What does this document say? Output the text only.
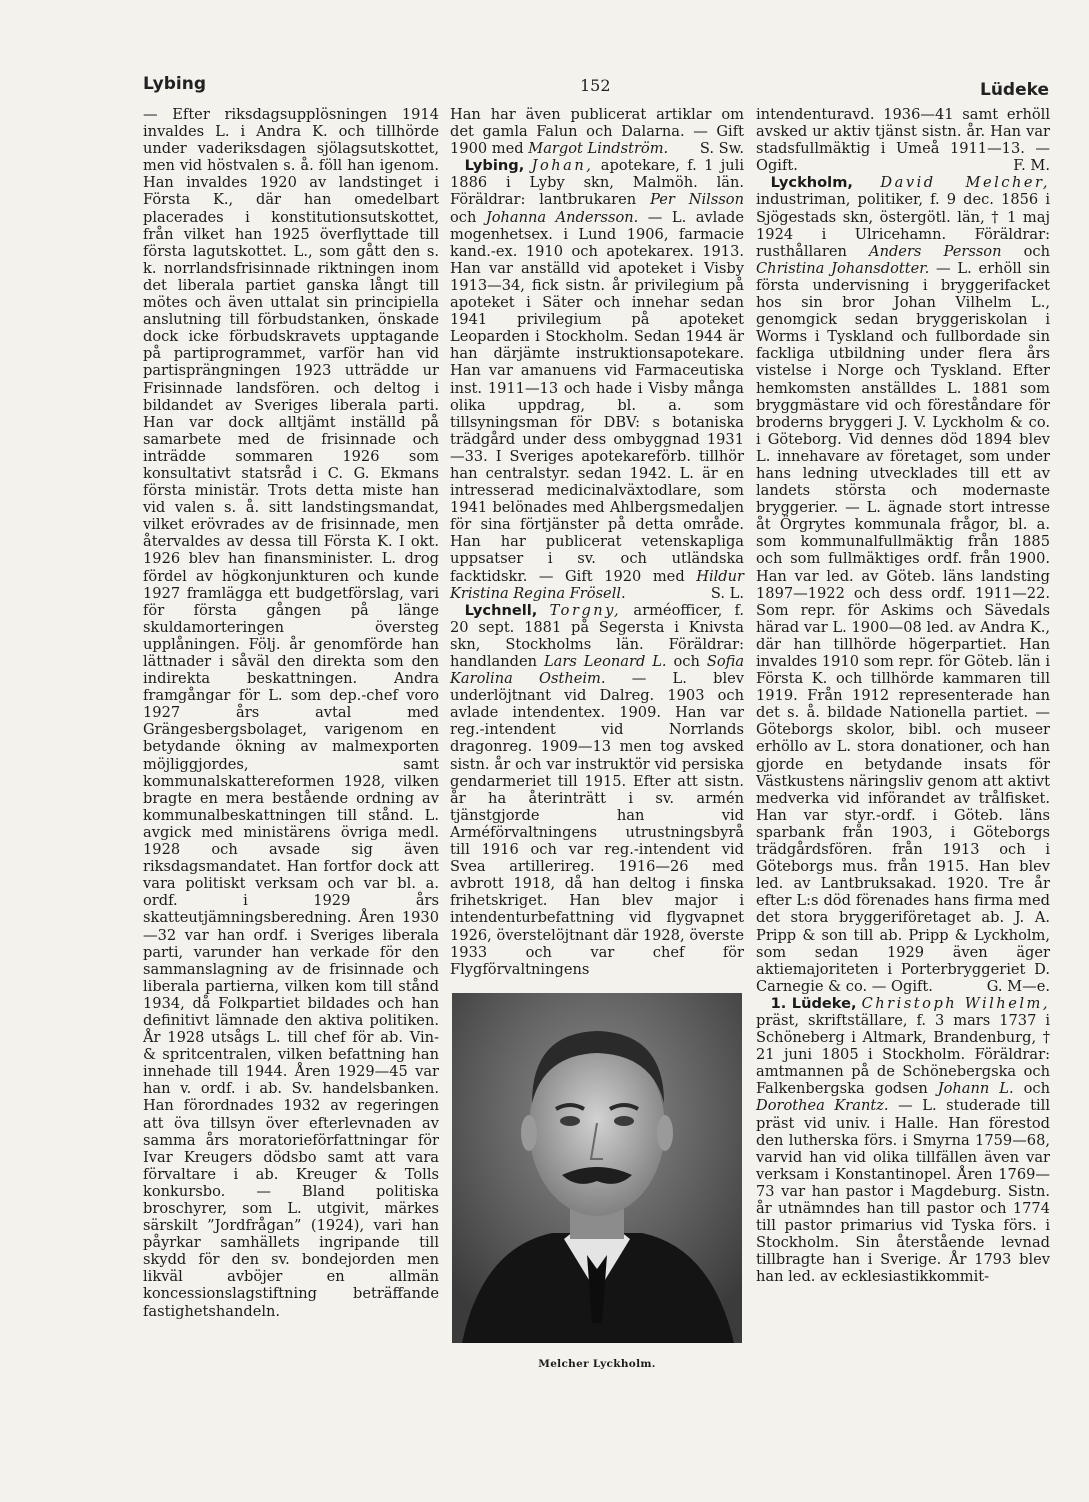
Lybing	152	Lüdeke

— Efter riksdagsupplösningen 1914 invaldes L. i Andra K. och tillhörde under vaderiksdagen sjölagsutskottet, men vid höstvalen s. å. föll han igenom. Han invaldes 1920 av landstinget i Första K., där han omedelbart placerades i konstitutionsutskottet, från vilket han 1925 överflyttade till första lagutskottet. L., som gått den s. k. norrlandsfrisinnade riktningen inom det liberala partiet ganska långt till mötes och även uttalat sin principiella anslutning till förbudstanken, önskade dock icke förbudskravets upptagande på partiprogrammet, varför han vid partisprängningen 1923 utträdde ur Frisinnade landsfören. och deltog i bildandet av Sveriges liberala parti. Han var dock alltjämt inställd på samarbete med de frisinnade och inträdde sommaren 1926 som konsultativt statsråd i C. G. Ekmans första ministär. Trots detta miste han vid valen s. å. sitt landstingsmandat, vilket erövrades av de frisinnade, men återvaldes av dessa till Första K. I okt. 1926 blev han finansminister. L. drog fördel av högkonjunkturen och kunde 1927 framlägga ett budgetförslag, vari för första gången på länge skuldamorteringen översteg upplåningen. Följ. år genomförde han lättnader i såväl den direkta som den indirekta beskattningen. Andra framgångar för L. som dep.-chef voro 1927 års avtal med Grängesbergsbolaget, varigenom en betydande ökning av malmexporten möjliggjordes, samt kommunalskattereformen 1928, vilken bragte en mera bestående ordning av kommunalbeskattningen till stånd. L. avgick med ministärens övriga medl. 1928 och avsade sig även riksdagsmandatet. Han fortfor dock att vara politiskt verksam och var bl. a. ordf. i 1929 års skatteutjämningsberedning. Åren 1930—32 var han ordf. i Sveriges liberala parti, varunder han verkade för den sammanslagning av de frisinnade och liberala partierna, vilken kom till stånd 1934, då Folkpartiet bildades och han definitivt lämnade den aktiva politiken. År 1928 utsågs L. till chef för ab. Vin- & spritcentralen, vilken befattning han innehade till 1944. Åren 1929—45 var han v. ordf. i ab. Sv. handelsbanken. Han förordnades 1932 av regeringen att öva tillsyn över efterlevnaden av samma års moratorieförfattningar för Ivar Kreugers dödsbo samt att vara förvaltare i ab. Kreuger & Tolls konkursbo. — Bland politiska broschyrer, som L. utgivit, märkes särskilt ”Jordfrågan” (1924), vari han påyrkar samhällets ingripande till skydd för den sv. bondejorden men likväl avböjer en allmän koncessionslagstiftning beträffande fastighetshandeln.

Han har även publicerat artiklar om det gamla Falun och Dalarna. — Gift 1900 med Margot Lindström. S. Sw.

 Lybing, Johan, apotekare, f. 1 juli 1886 i Lyby skn, Malmöh. län. Föräldrar: lantbrukaren Per Nilsson och Johanna Andersson. — L. avlade mogenhetsex. i Lund 1906, farmacie kand.-ex. 1910 och apotekarex. 1913. Han var anställd vid apoteket i Visby 1913—34, fick sistn. år privilegium på apoteket i Säter och innehar sedan 1941 privilegium på apoteket Leoparden i Stockholm. Sedan 1944 är han därjämte instruktionsapotekare. Han var amanuens vid Farmaceutiska inst. 1911—13 och hade i Visby många olika uppdrag, bl. a. som tillsyningsman för DBV: s botaniska trädgård under dess ombyggnad 1931—33. I Sveriges apotekareförb. tillhör han centralstyr. sedan 1942. L. är en intresserad medicinalväxtodlare, som 1941 belönades med Ahlbergsmedaljen för sina förtjänster på detta område. Han har publicerat vetenskapliga uppsatser i sv. och utländska facktidskr. — Gift 1920 med Hildur Kristina Regina Frösell.	S. L.

 Lychnell, Torgny, arméofficer, f. 20 sept. 1881 på Segersta i Knivsta skn, Stockholms län. Föräldrar: handlanden Lars Leonard L. och Sofia Karolina Ostheim. — L. blev underlöjtnant vid Dalreg. 1903 och avlade intendentex. 1909. Han var reg.-intendent vid Norrlands dragonreg. 1909—13 men tog avsked sistn. år och var instruktör vid persiska gendarmeriet till 1915. Efter att sistn. år ha återinträtt i sv. armén tjänstgjorde han vid Arméförvaltningens utrustningsbyrå till 1916 och var reg.-intendent vid Svea artillerireg. 1916—26 med avbrott 1918, då han deltog i finska frihetskriget. Han blev major i intendenturbefattning vid flygvapnet 1926, överstelöjtnant där 1928, överste 1933 och var chef för Flygförvaltningens

Melcher Lyckholm.

intendenturavd. 1936—41 samt erhöll avsked ur aktiv tjänst sistn. år. Han var stadsfullmäktig i Umeå 1911—13. — Ogift.	F. M.

 Lyckholm, David Melcher, industriman, politiker, f. 9 dec. 1856 i Sjögestads skn, östergötl. län, † 1 maj 1924 i Ulricehamn. Föräldrar: rusthållaren Anders Persson och Christina Johansdotter. — L. erhöll sin första undervisning i bryggerifacket hos sin bror Johan Vilhelm L., genomgick sedan bryggeriskolan i Worms i Tyskland och fullbordade sin fackliga utbildning under flera års vistelse i Norge och Tyskland. Efter hemkomsten anställdes L. 1881 som bryggmästare vid och föreståndare för broderns bryggeri J. V. Lyckholm & co. i Göteborg. Vid dennes död 1894 blev L. innehavare av företaget, som under hans ledning utvecklades till ett av landets största och modernaste bryggerier. — L. ägnade stort intresse åt Örgrytes kommunala frågor, bl. a. som kommunalfullmäktig från 1885 och som fullmäktiges ordf. från 1900. Han var led. av Göteb. läns landsting 1897—1922 och dess ordf. 1911—22. Som repr. för Askims och Sävedals härad var L. 1900—08 led. av Andra K., där han tillhörde högerpartiet. Han invaldes 1910 som repr. för Göteb. län i Första K. och tillhörde kammaren till 1919. Från 1912 representerade han det s. å. bildade Nationella partiet. — Göteborgs skolor, bibl. och museer erhöllo av L. stora donationer, och han gjorde en betydande insats för Västkustens näringsliv genom att aktivt medverka vid införandet av trålfisket. Han var styr.-ordf. i Göteb. läns sparbank från 1903, i Göteborgs trädgårdsfören. från 1913 och i Göteborgs mus. från 1915. Han blev led. av Lantbruksakad. 1920. Tre år efter L:s död förenades hans firma med det stora bryggeriföretaget ab. J. A. Pripp & son till ab. Pripp & Lyckholm, som sedan 1929 även äger aktiemajoriteten i Porterbryggeriet D. Carnegie & co. — Ogift.	G. M—e.

 1. Lüdeke, Christoph Wilhelm, präst, skriftställare, f. 3 mars 1737 i Schöneberg i Altmark, Brandenburg, † 21 juni 1805 i Stockholm. Föräldrar: amtmannen på de Schönebergska och Falkenbergska godsen Johann L. och Dorothea Krantz. — L. studerade till präst vid univ. i Halle. Han förestod den lutherska förs. i Smyrna 1759—68, varvid han vid olika tillfällen även var verksam i Konstantinopel. Åren 1769—73 var han pastor i Magdeburg. Sistn. år utnämndes han till pastor och 1774 till pastor primarius vid Tyska förs. i Stockholm. Sin återstående levnad tillbragte han i Sverige. År 1793 blev han led. av ecklesiastikkommit-
